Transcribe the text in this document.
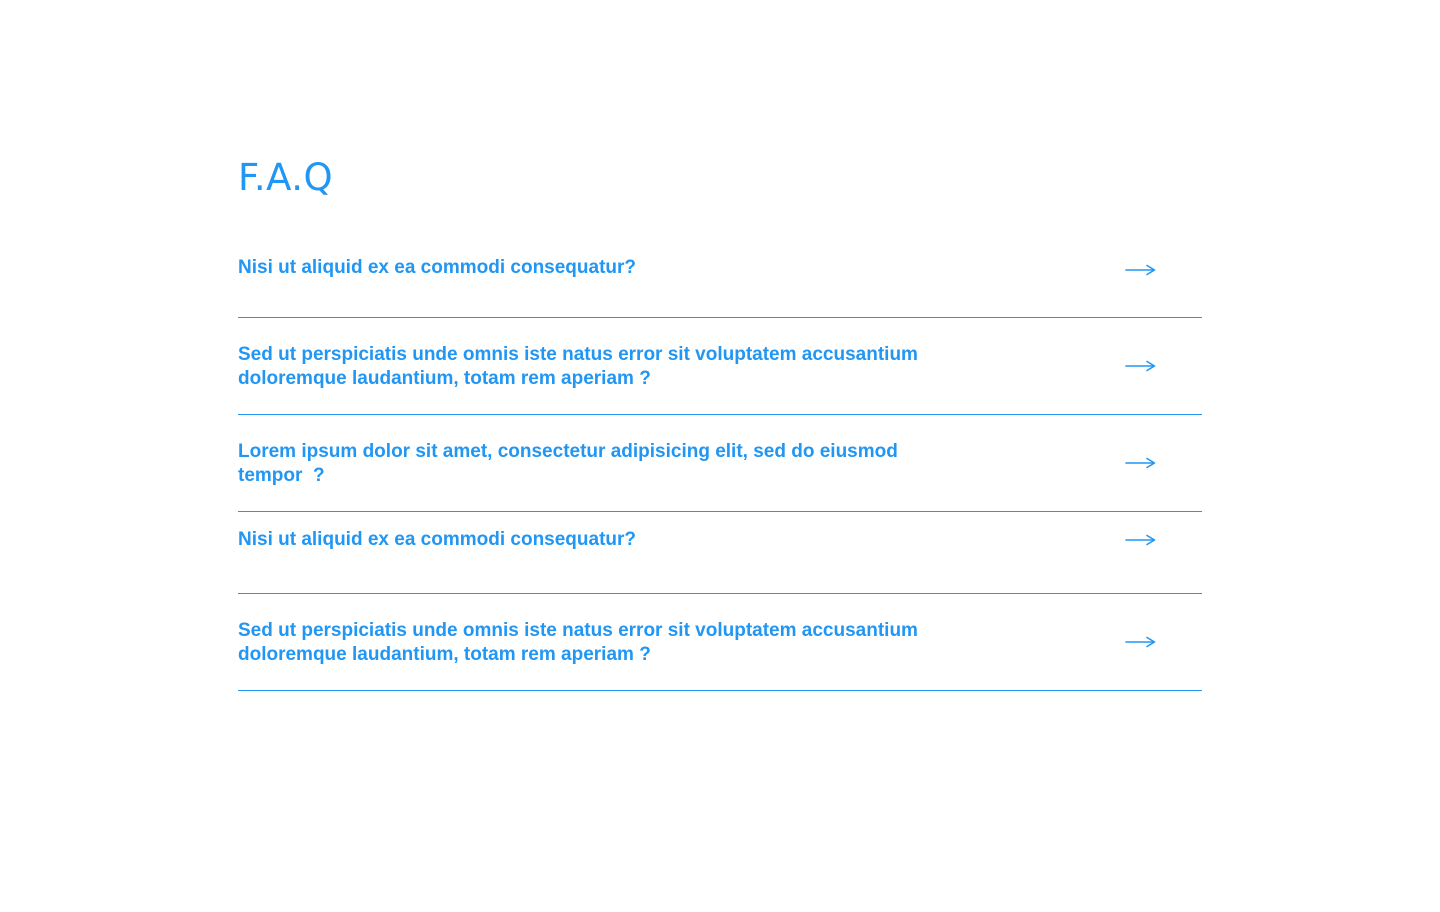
F.A.Q
Nisi ut aliquid ex ea commodi consequatur?
Sed ut perspiciatis unde omnis iste natus error sit voluptatem accusantium
doloremque laudantium, totam rem aperiam ?
Lorem ipsum dolor sit amet, consectetur adipisicing elit, sed do eiusmod
tempor  ?
Nisi ut aliquid ex ea commodi consequatur?
Sed ut perspiciatis unde omnis iste natus error sit voluptatem accusantium
doloremque laudantium, totam rem aperiam ?
